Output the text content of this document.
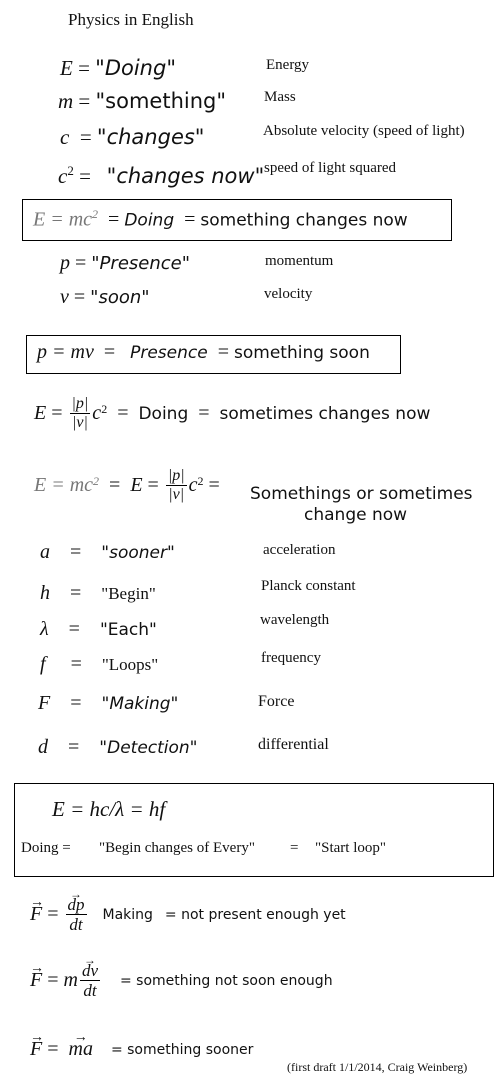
Physics in English
E = "Doing"	Energy
m = "something"	Mass
c  = "changes"	Absolute velocity (speed of light)
$c^2$ =   "changes now" speed of light squared
$E = mc^2$  = Doing  = something changes now
p = "Presence"	momentum
v = "soon"	velocity
p = mv  =   Presence  = something soon
$E = \frac{|p|}{|v|} c^2$ = Doing = sometimes changes now
$E = mc^2 = E = \frac{|p|}{|v|} c^2$ = Somethings or sometimes
change now
a    =    "sooner"	acceleration
h    =    "Begin"	Planck constant
λ    =    "Each"	wavelength
f     =    "Loops"	frequency
F    =    "Making"	Force
d    =    "Detection"	differential
E = hc/λ = hf
Doing = "Begin changes of Every" = "Start loop"
→ F =
→ $\frac{dp}{dt}$ Making = not present enough yet
→ F = m
→ $\frac{dv}{dt}$ = something not soon enough
→ F =
→ ma = something sooner
(first draft 1/1/2014, Craig Weinberg)
